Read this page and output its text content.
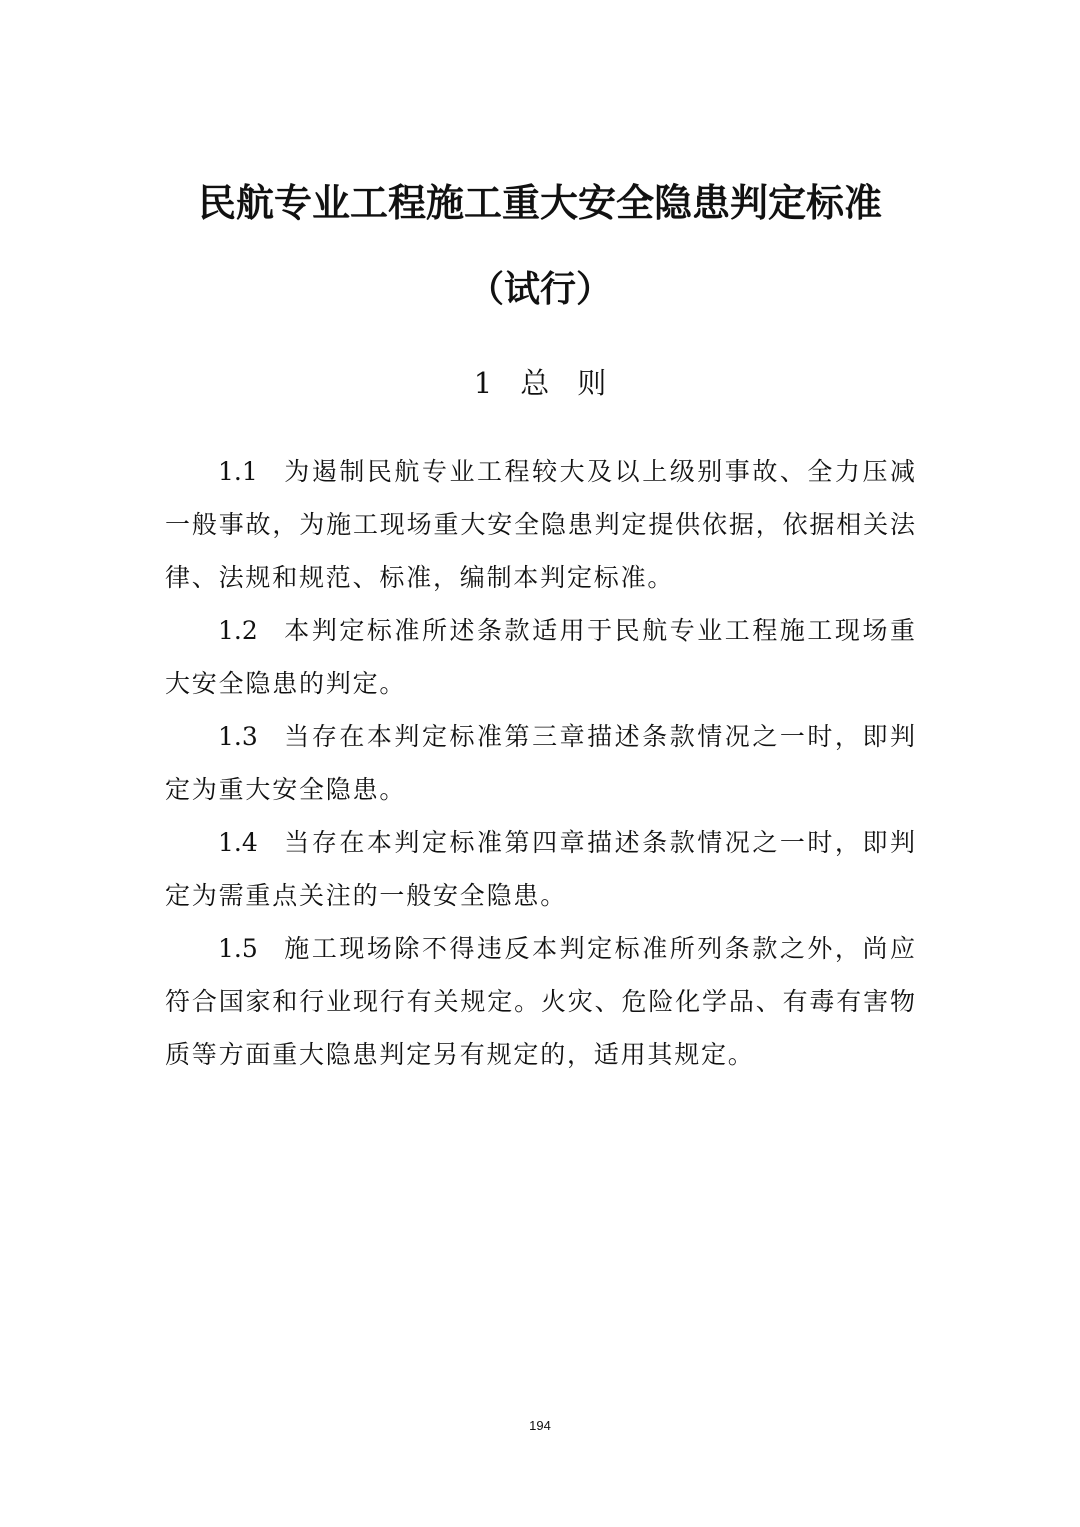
民航专业工程施工重大安全隐患判定标准
（试行）
1 总 则
1.1 为遏制民航专业工程较大及以上级别事故、全力压减
一般事故，为施工现场重大安全隐患判定提供依据，依据相关法
律、法规和规范、标准，编制本判定标准。
1.2 本判定标准所述条款适用于民航专业工程施工现场重
大安全隐患的判定。
1.3 当存在本判定标准第三章描述条款情况之一时，即判
定为重大安全隐患。
1.4 当存在本判定标准第四章描述条款情况之一时，即判
定为需重点关注的一般安全隐患。
1.5 施工现场除不得违反本判定标准所列条款之外，尚应
符合国家和行业现行有关规定。火灾、危险化学品、有毒有害物
质等方面重大隐患判定另有规定的，适用其规定。
194
